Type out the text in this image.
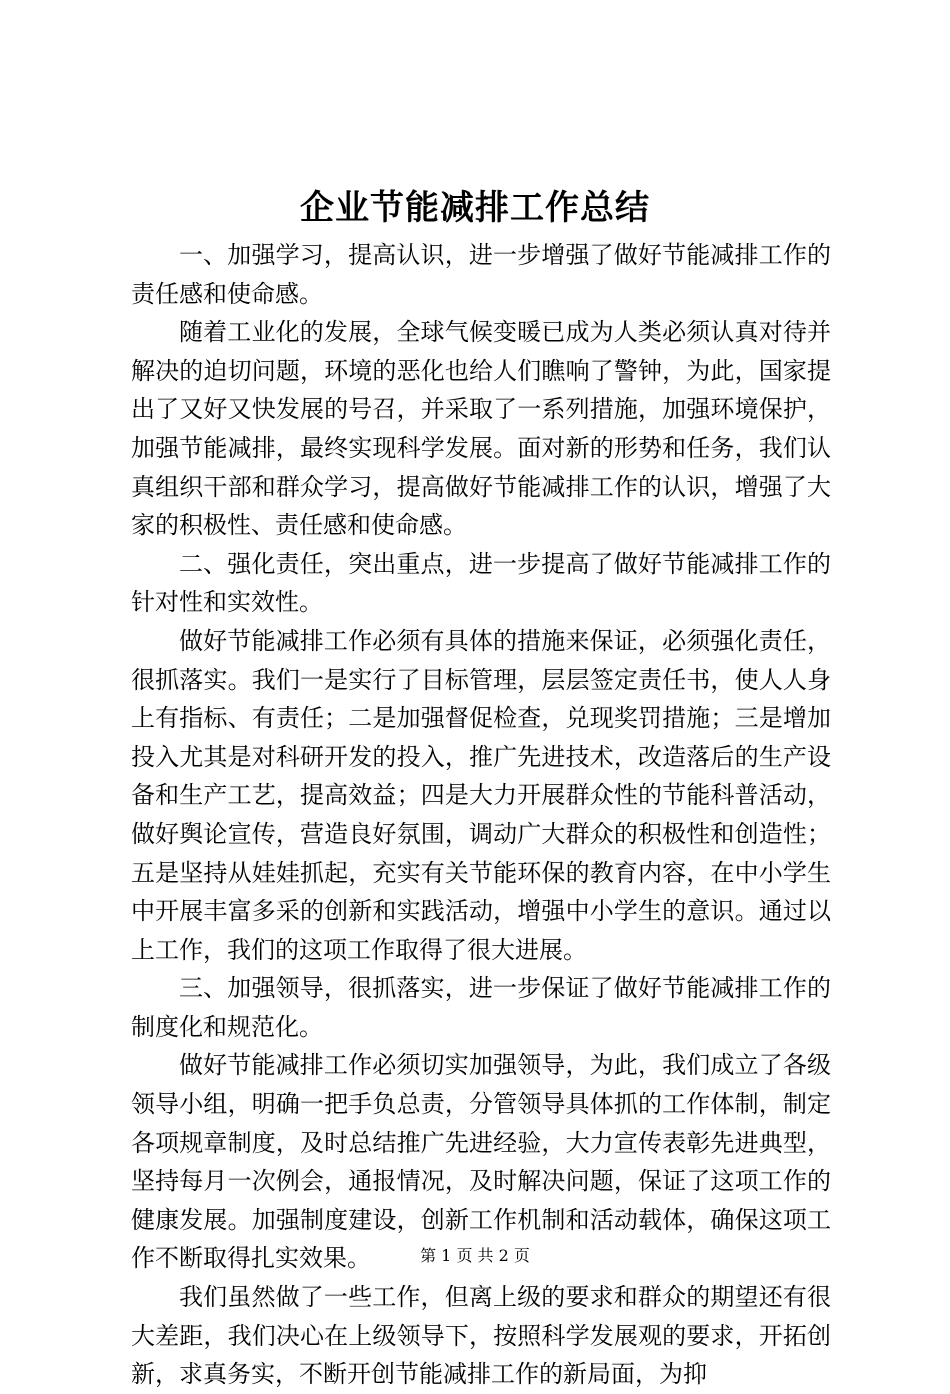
企业节能减排工作总结

一、加强学习，提高认识，进一步增强了做好节能减排工作的责任感和使命感。

随着工业化的发展，全球气候变暖已成为人类必须认真对待并解决的迫切问题，环境的恶化也给人们瞧响了警钟，为此，国家提出了又好又快发展的号召，并采取了一系列措施，加强环境保护，加强节能减排，最终实现科学发展。面对新的形势和任务，我们认真组织干部和群众学习，提高做好节能减排工作的认识，增强了大家的积极性、责任感和使命感。

二、强化责任，突出重点，进一步提高了做好节能减排工作的针对性和实效性。

做好节能减排工作必须有具体的措施来保证，必须强化责任，很抓落实。我们一是实行了目标管理，层层签定责任书，使人人身上有指标、有责任；二是加强督促检查，兑现奖罚措施；三是增加投入尤其是对科研开发的投入，推广先进技术，改造落后的生产设备和生产工艺，提高效益；四是大力开展群众性的节能科普活动，做好舆论宣传，营造良好氛围，调动广大群众的积极性和创造性；五是坚持从娃娃抓起，充实有关节能环保的教育内容，在中小学生中开展丰富多采的创新和实践活动，增强中小学生的意识。通过以上工作，我们的这项工作取得了很大进展。

三、加强领导，很抓落实，进一步保证了做好节能减排工作的制度化和规范化。

做好节能减排工作必须切实加强领导，为此，我们成立了各级领导小组，明确一把手负总责，分管领导具体抓的工作体制，制定各项规章制度，及时总结推广先进经验，大力宣传表彰先进典型，坚持每月一次例会，通报情况，及时解决问题，保证了这项工作的健康发展。加强制度建设，创新工作机制和活动载体，确保这项工作不断取得扎实效果。

我们虽然做了一些工作，但离上级的要求和群众的期望还有很大差距，我们决心在上级领导下，按照科学发展观的要求，开拓创新，求真务实，不断开创节能减排工作的新局面，为抑

第 1 页 共 2 页
